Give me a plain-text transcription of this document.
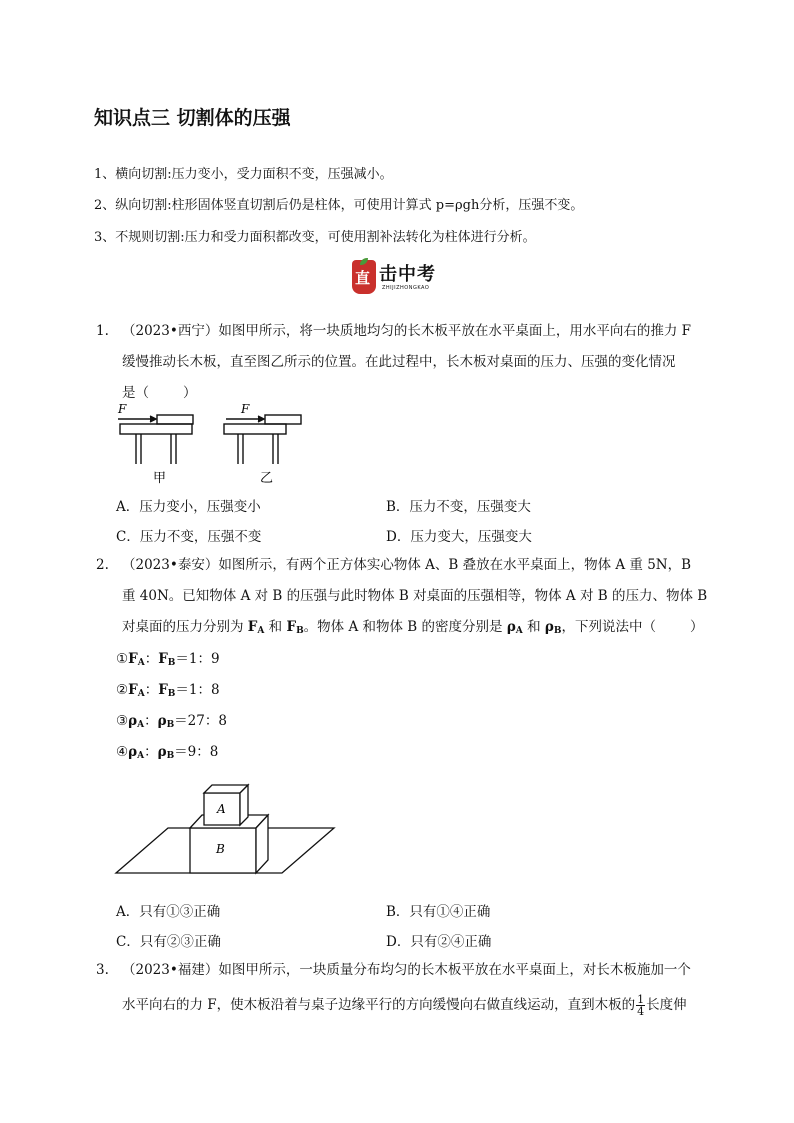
知识点三 切割体的压强
1、横向切割:压力变小，受力面积不变，压强减小。
2、纵向切割:柱形固体竖直切割后仍是柱体，可使用计算式 p=ρgh分析，压强不变。
3、不规则切割:压力和受力面积都改变，可使用割补法转化为柱体进行分析。
直 击中考
ZHIJIZHONGKAO
1. （2023•西宁）如图甲所示，将一块质地均匀的长木板平放在水平桌面上，用水平向右的推力 F
缓慢推动长木板，直至图乙所示的位置。在此过程中，长木板对桌面的压力、压强的变化情况
是（	）
F	F
甲	乙
A．压力变小，压强变小	B．压力不变，压强变大
C．压力不变，压强不变	D．压力变大，压强变大
2. （2023•泰安）如图所示，有两个正方体实心物体 A、B 叠放在水平桌面上，物体 A 重 5N，B
重 40N。已知物体 A 对 B 的压强与此时物体 B 对桌面的压强相等，物体 A 对 B 的压力、物体 B
对桌面的压力分别为 $F_A$ 和 $F_B$。物体 A 和物体 B 的密度分别是 $\rho_A$ 和 $\rho_B$，下列说法中（	）
$①F_A$：$F_B=1$：9
$②F_A$：$F_B=1$：8
$③\rho_A$：$\rho_B=27$：8
$④\rho_A$：$\rho_B=9$：8
A
B
A．只有①③正确	B．只有①④正确
C．只有②③正确	D．只有②④正确
3. （2023•福建）如图甲所示，一块质量分布均匀的长木板平放在水平桌面上，对长木板施加一个
水平向右的力 F，使木板沿着与桌子边缘平行的方向缓慢向右做直线运动，直到木板的 $\frac{1}{4}$ 长度伸
